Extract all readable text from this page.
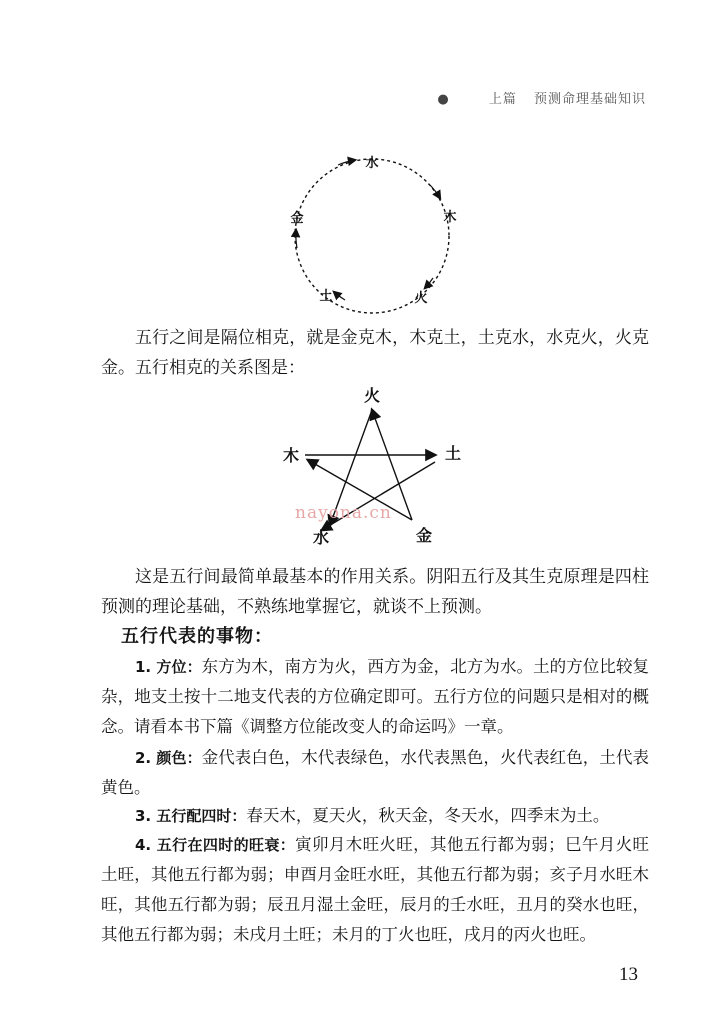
●	上篇 预测命理基础知识
水
木
火
土
金

五行之间是隔位相克，就是金克木，木克土，土克水，水克火，火克金。五行相克的关系图是：

火
木	土
水	金
nayona.cn

这是五行间最简单最基本的作用关系。阴阳五行及其生克原理是四柱预测的理论基础，不熟练地掌握它，就谈不上预测。

五行代表的事物：

1. 方位：东方为木，南方为火，西方为金，北方为水。土的方位比较复杂，地支土按十二地支代表的方位确定即可。五行方位的问题只是相对的概念。请看本书下篇《调整方位能改变人的命运吗》一章。

2. 颜色：金代表白色，木代表绿色，水代表黑色，火代表红色，土代表黄色。

3. 五行配四时：春天木，夏天火，秋天金，冬天水，四季末为土。

4. 五行在四时的旺衰：寅卯月木旺火旺，其他五行都为弱；巳午月火旺土旺，其他五行都为弱；申酉月金旺水旺，其他五行都为弱；亥子月水旺木旺，其他五行都为弱；辰丑月湿土金旺，辰月的壬水旺，丑月的癸水也旺，其他五行都为弱；未戌月土旺；未月的丁火也旺，戌月的丙火也旺。

13
